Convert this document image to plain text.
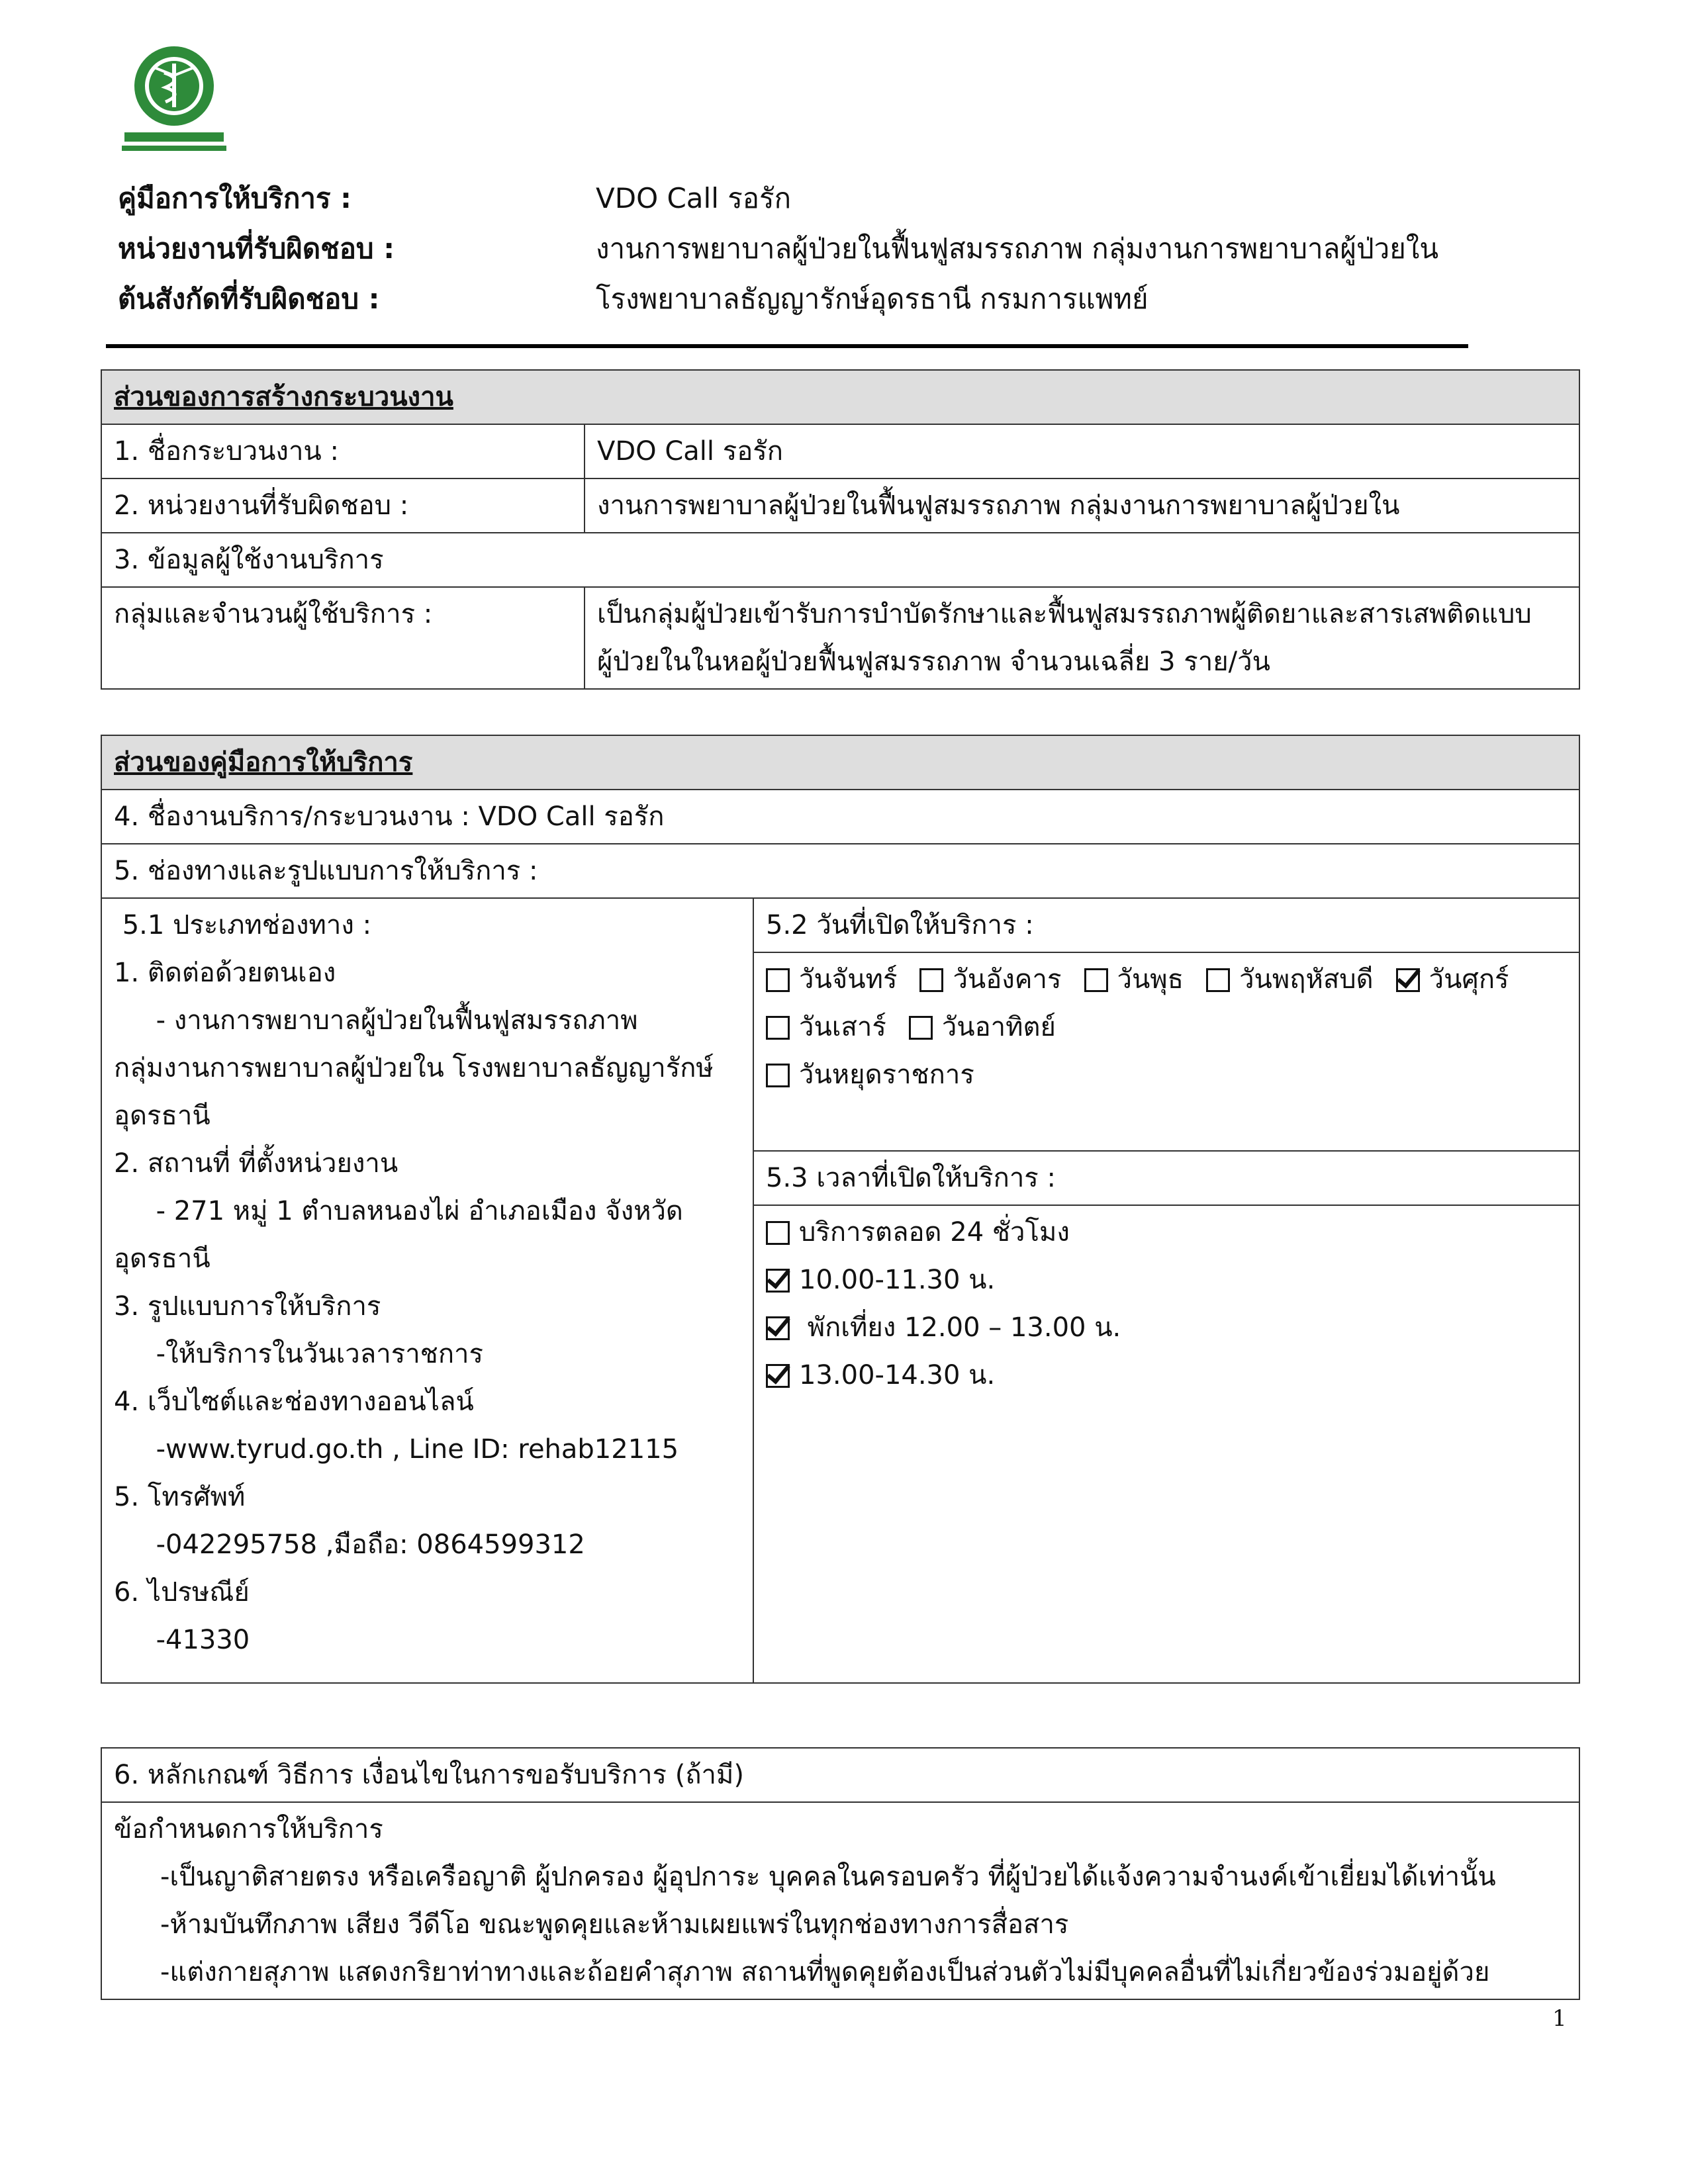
คู่มือการให้บริการ :	VDO Call รอรัก
หน่วยงานที่รับผิดชอบ :	งานการพยาบาลผู้ป่วยในฟื้นฟูสมรรถภาพ กลุ่มงานการพยาบาลผู้ป่วยใน
ต้นสังกัดที่รับผิดชอบ :	โรงพยาบาลธัญญารักษ์อุดรธานี กรมการแพทย์
ส่วนของการสร้างกระบวนงาน	
1. ชื่อกระบวนงาน :	VDO Call รอรัก
2. หน่วยงานที่รับผิดชอบ :	งานการพยาบาลผู้ป่วยในฟื้นฟูสมรรถภาพ กลุ่มงานการพยาบาลผู้ป่วยใน
3. ข้อมูลผู้ใช้งานบริการ	
กลุ่มและจำนวนผู้ใช้บริการ :	เป็นกลุ่มผู้ป่วยเข้ารับการบำบัดรักษาและฟื้นฟูสมรรถภาพผู้ติดยาและสารเสพติดแบบ
ผู้ป่วยในในหอผู้ป่วยฟื้นฟูสมรรถภาพ จำนวนเฉลี่ย 3 ราย/วัน
ส่วนของคู่มือการให้บริการ
4. ชื่องานบริการ/กระบวนงาน : VDO Call รอรัก
5. ช่องทางและรูปแบบการให้บริการ :

5.1 ประเภทช่องทาง :
1. ติดต่อด้วยตนเอง
- งานการพยาบาลผู้ป่วยในฟื้นฟูสมรรถภาพ
กลุ่มงานการพยาบาลผู้ป่วยใน โรงพยาบาลธัญญารักษ์
อุดรธานี
2. สถานที่ ที่ตั้งหน่วยงาน
- 271 หมู่ 1 ตำบลหนองไผ่ อำเภอเมือง จังหวัด
อุดรธานี
3. รูปแบบการให้บริการ
-ให้บริการในวันเวลาราชการ
4. เว็บไซต์และช่องทางออนไลน์
-www.tyrud.go.th , Line ID: rehab12115
5. โทรศัพท์
-042295758 ,มือถือ: 0864599312
6. ไปรษณีย์
-41330
	5.2 วันที่เปิดให้บริการ :

วันจันทร์ วันอังคาร วันพุธ วันพฤหัสบดี วันศุกร์
วันเสาร์ วันอาทิตย์
วันหยุดราชการ

5.3 เวลาที่เปิดให้บริการ :

บริการตลอด 24 ชั่วโมง
10.00-11.30 น.
พักเที่ยง 12.00 – 13.00 น.
13.00-14.30 น.
6. หลักเกณฑ์ วิธีการ เงื่อนไขในการขอรับบริการ (ถ้ามี)

ข้อกำหนดการให้บริการ
-เป็นญาติสายตรง หรือเครือญาติ ผู้ปกครอง ผู้อุปการะ บุคคลในครอบครัว ที่ผู้ป่วยได้แจ้งความจำนงค์เข้าเยี่ยมได้เท่านั้น
-ห้ามบันทึกภาพ เสียง วีดีโอ ขณะพูดคุยและห้ามเผยแพร่ในทุกช่องทางการสื่อสาร
-แต่งกายสุภาพ แสดงกริยาท่าทางและถ้อยคำสุภาพ สถานที่พูดคุยต้องเป็นส่วนตัวไม่มีบุคคลอื่นที่ไม่เกี่ยวข้องร่วมอยู่ด้วย
1
